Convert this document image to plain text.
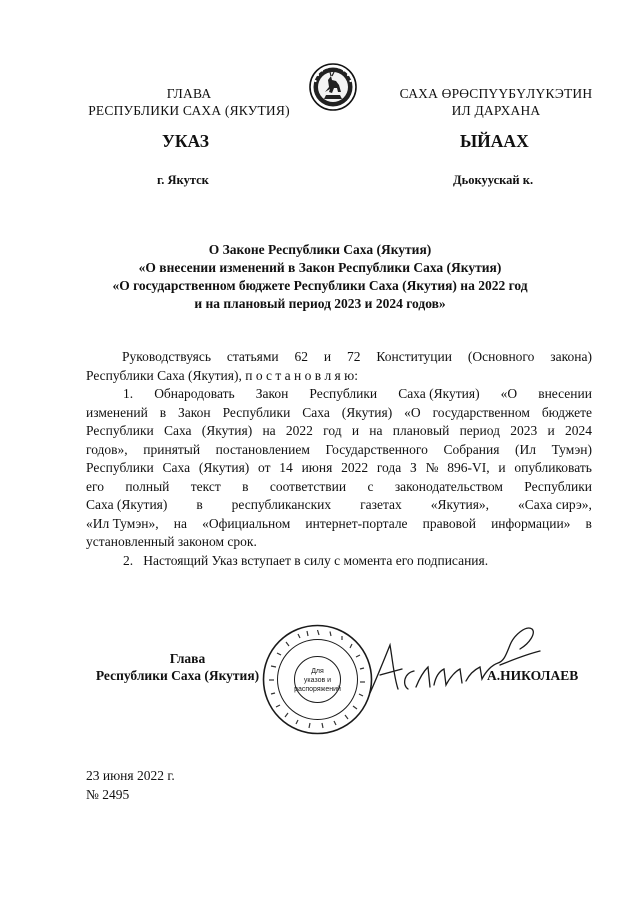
ГЛАВА
РЕСПУБЛИКИ САХА (ЯКУТИЯ)
САХА ӨРӨСПҮҮБҮЛҮКЭТИН
ИЛ ДАРХАНА
УКАЗ	ЫЙААХ
г. Якутск	Дьокуускай к.
О Законе Республики Саха (Якутия)
«О внесении изменений в Закон Республики Саха (Якутия)
«О государственном бюджете Республики Саха (Якутия) на 2022 год
и на плановый период 2023 и 2024 годов»
Руководствуясь статьями 62 и 72 Конституции (Основного закона)
Республики Саха (Якутия), п о с т а н о в л я ю:
1. Обнародовать Закон Республики Саха (Якутия) «О внесении
изменений в Закон Республики Саха (Якутия) «О государственном бюджете
Республики Саха (Якутия) на 2022 год и на плановый период 2023 и 2024
годов», принятый постановлением Государственного Собрания (Ил Тумэн)
Республики Саха (Якутия) от 14 июня 2022 года З № 896-VI, и опубликовать
его полный текст в соответствии с законодательством Республики
Саха (Якутия) в республиканских газетах «Якутия», «Саха сирэ»,
«Ил Тумэн», на «Официальном интернет-портале правовой информации» в
установленный законом срок.
2.   Настоящий Указ вступает в силу с момента его подписания.
Глава
Республики Саха (Якутия)	Для
указов и
распоряжений
А.НИКОЛАЕВ
23 июня 2022 г.
№ 2495
